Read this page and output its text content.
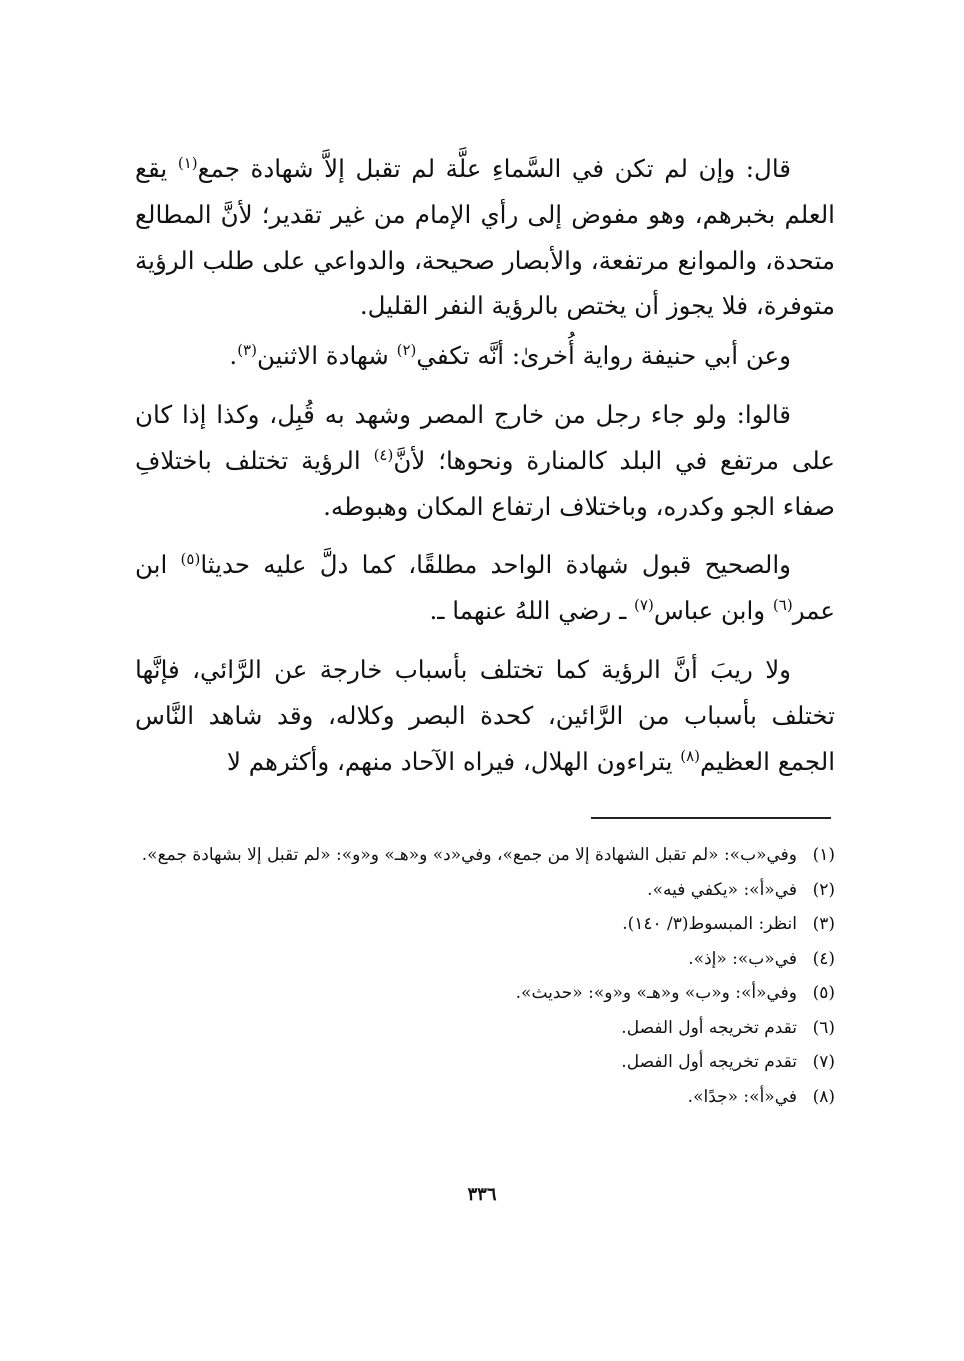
قال: وإن لم تكن في السَّماءِ علَّة لم تقبل إلاَّ شهادة جمع$^{(١)}$ يقع العلم بخبرهم، وهو مفوض إلى رأي الإمام من غير تقدير؛ لأنَّ المطالع متحدة، والموانع مرتفعة، والأبصار صحيحة، والدواعي على طلب الرؤية متوفرة، فلا يجوز أن يختص بالرؤية النفر القليل.

وعن أبي حنيفة رواية أُخرىٰ: أنَّه تكفي$^{(٢)}$ شهادة الاثنين$^{(٣)}$.

قالوا: ولو جاء رجل من خارج المصر وشهد به قُبِل، وكذا إذا كان على مرتفع في البلد كالمنارة ونحوها؛ لأنَّ$^{(٤)}$ الرؤية تختلف باختلافِ صفاء الجو وكدره، وباختلاف ارتفاع المكان وهبوطه.

والصحيح قبول شهادة الواحد مطلقًا، كما دلَّ عليه حديثا$^{(٥)}$ ابن عمر$^{(٦)}$ وابن عباس$^{(٧)}$ ـ رضي اللهُ عنهما ـ.

ولا ريبَ أنَّ الرؤية كما تختلف بأسباب خارجة عن الرَّائي، فإنَّها تختلف بأسباب من الرَّائين، كحدة البصر وكلاله، وقد شاهد النَّاس الجمع العظيم$^{(٨)}$ يتراءون الهلال، فيراه الآحاد منهم، وأكثرهم لا

(١)
وفي«ب»: «لم تقبل الشهادة إلا من جمع»، وفي«د» و«هـ» و«و»: «لم تقبل إلا بشهادة جمع».
(٢)
في«أ»: «يكفي فيه».
(٣)
انظر: المبسوط(٣/ ١٤٠).
(٤)
في«ب»: «إذ».
(٥)
وفي«أ»: و«ب» و«هـ» و«و»: «حديث».
(٦)
تقدم تخريجه أول الفصل.
(٧)
تقدم تخريجه أول الفصل.
(٨)
في«أ»: «جدًا».
٣٣٦
